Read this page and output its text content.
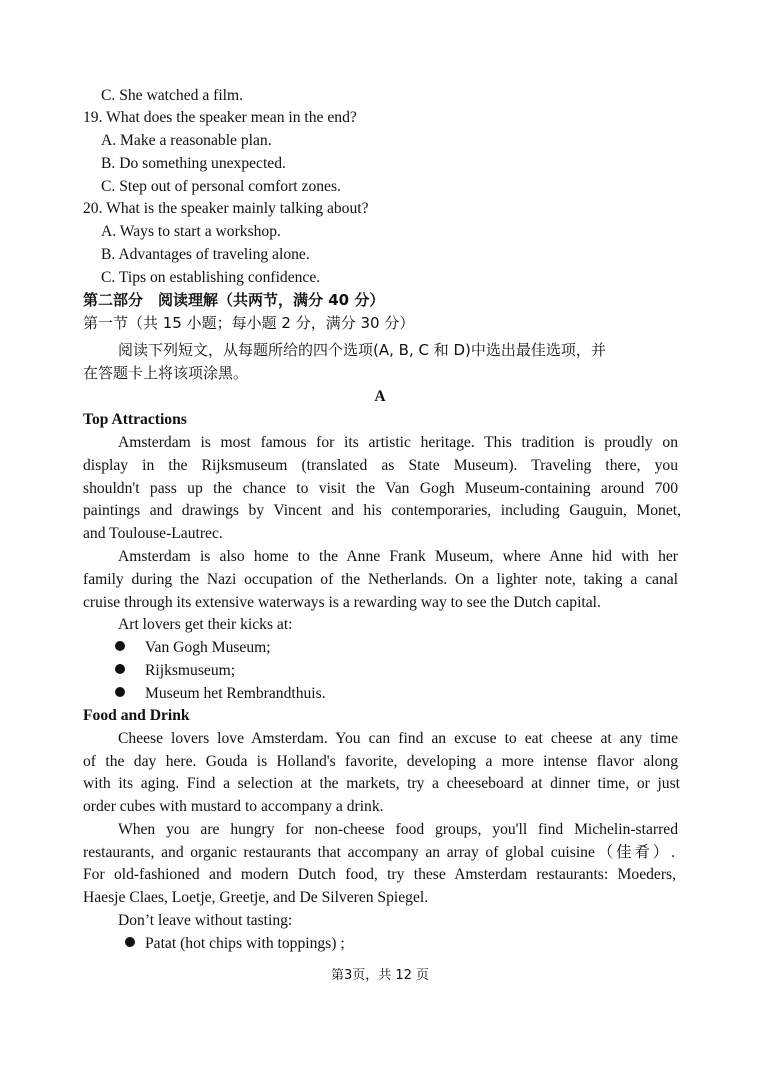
C. She watched a film.
19. What does the speaker mean in the end?
A. Make a reasonable plan.
B. Do something unexpected.
C. Step out of personal comfort zones.
20. What is the speaker mainly talking about?
A. Ways to start a workshop.
B. Advantages of traveling alone.
C. Tips on establishing confidence.
第二部分　阅读理解（共两节，满分 40 分）
第一节（共 15 小题；每小题 2 分，满分 30 分）
阅读下列短文，从每题所给的四个选项(A, B, C 和 D)中选出最佳选项，并
在答题卡上将该项涂黑。
A
Top Attractions
Amsterdam is most famous for its artistic heritage. This tradition is proudly on
display in the Rijksmuseum (translated as State Museum). Traveling there, you
shouldn't pass up the chance to visit the Van Gogh Museum-containing around 700
paintings and drawings by Vincent and his contemporaries, including Gauguin, Monet,
and Toulouse-Lautrec.
Amsterdam is also home to the Anne Frank Museum, where Anne hid with her
family during the Nazi occupation of the Netherlands. On a lighter note, taking a canal
cruise through its extensive waterways is a rewarding way to see the Dutch capital.
Art lovers get their kicks at:
Van Gogh Museum;
Rijksmuseum;
Museum het Rembrandthuis.
Food and Drink
Cheese lovers love Amsterdam. You can find an excuse to eat cheese at any time
of the day here. Gouda is Holland's favorite, developing a more intense flavor along
with its aging. Find a selection at the markets, try a cheeseboard at dinner time, or just
order cubes with mustard to accompany a drink.
When you are hungry for non-cheese food groups, you'll find Michelin-starred
restaurants, and organic restaurants that accompany an array of global cuisine（佳肴）.
For old-fashioned and modern Dutch food, try these Amsterdam restaurants: Moeders,
Haesje Claes, Loetje, Greetje, and De Silveren Spiegel.
Don’t leave without tasting:
Patat (hot chips with toppings) ;
第3页，共 12 页
